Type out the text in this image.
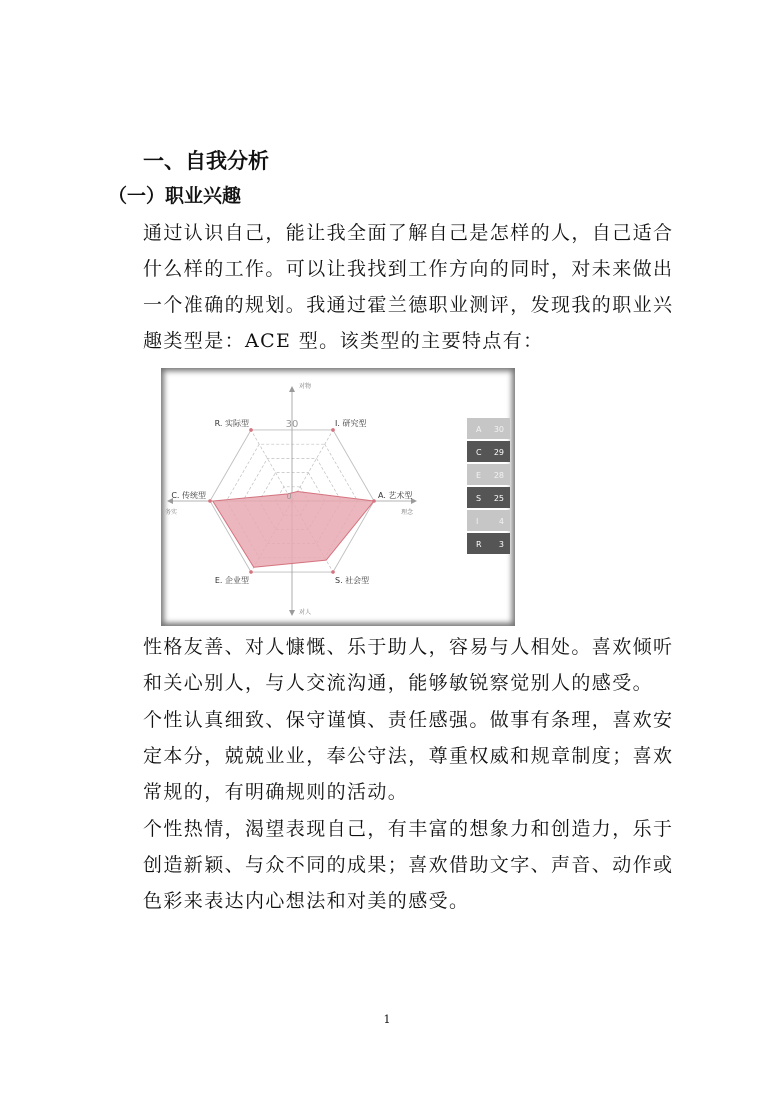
一、自我分析
（一）职业兴趣
通过认识自己，能让我全面了解自己是怎样的人，自己适合
什么样的工作。可以让我找到工作方向的同时，对未来做出
一个准确的规划。我通过霍兰德职业测评，发现我的职业兴
趣类型是：ACE 型。该类型的主要特点有：
I. 研究型
A. 艺术型
S. 社会型
E. 企业型
C. 传统型
R. 实际型	30
0
对物
对人
务实	理念
A 30
C 29
E 28
S 25
I	4
R 3
性格友善、对人慷慨、乐于助人，容易与人相处。喜欢倾听
和关心别人，与人交流沟通，能够敏锐察觉别人的感受。
个性认真细致、保守谨慎、责任感强。做事有条理，喜欢安
定本分，兢兢业业，奉公守法，尊重权威和规章制度；喜欢
常规的，有明确规则的活动。
个性热情，渴望表现自己，有丰富的想象力和创造力，乐于
创造新颖、与众不同的成果；喜欢借助文字、声音、动作或
色彩来表达内心想法和对美的感受。
1
